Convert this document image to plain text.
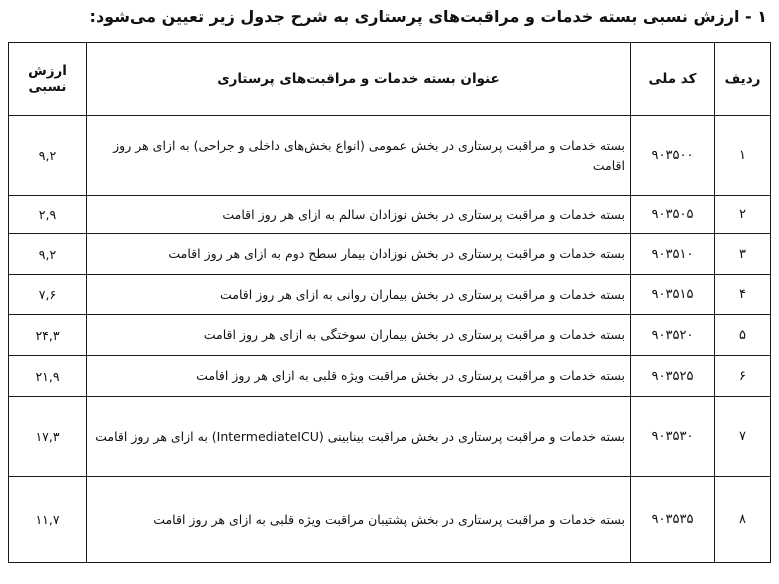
۱ - ارزش نسبی بسته خدمات و مراقبت‌های پرستاری به شرح جدول زیر تعیین می‌شود:
ردیف	کد ملی	عنوان بسته خدمات و مراقبت‌های پرستاری	ارزش نسبی
۱	۹۰۳۵۰۰	بسته خدمات و مراقبت پرستاری در بخش عمومی (انواع بخش‌های داخلی و جراحی) به ازای هر روز اقامت	۹,۲
۲	۹۰۳۵۰۵	بسته خدمات و مراقبت پرستاری در بخش نوزادان سالم به ازای هر روز اقامت	۲,۹
۳	۹۰۳۵۱۰	بسته خدمات و مراقبت پرستاری در بخش نوزادان بیمار سطح دوم به ازای هر روز اقامت	۹,۲
۴	۹۰۳۵۱۵	بسته خدمات و مراقبت پرستاری در بخش بیماران روانی به ازای هر روز اقامت	۷,۶
۵	۹۰۳۵۲۰	بسته خدمات و مراقبت پرستاری در بخش بیماران سوختگی به ازای هر روز اقامت	۲۴,۳
۶	۹۰۳۵۲۵	بسته خدمات و مراقبت پرستاری در بخش مراقبت ویژه قلبی به ازای هر روز اقامت	۲۱,۹
۷	۹۰۳۵۳۰	بسته خدمات و مراقبت پرستاری در بخش مراقبت بینابینی (IntermediateICU) به ازای هر روز اقامت	۱۷,۳
۸	۹۰۳۵۳۵	بسته خدمات و مراقبت پرستاری در بخش پشتیبان مراقبت ویژه قلبی به ازای هر روز اقامت	۱۱,۷
